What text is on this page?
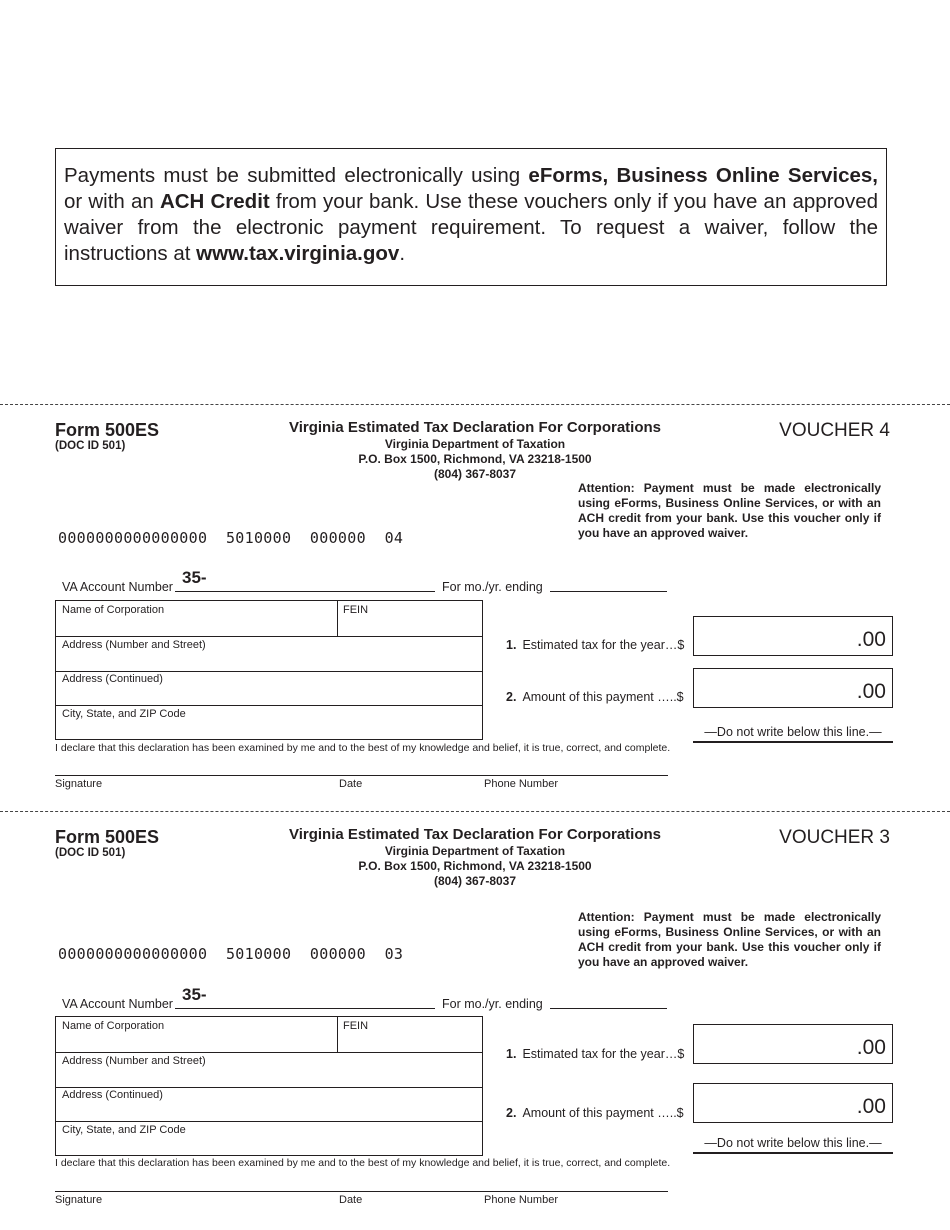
Payments must be submitted electronically using eForms, Business Online Services, or with an ACH Credit from your bank. Use these vouchers only if you have an approved waiver from the electronic payment requirement. To request a waiver, follow the instructions at www.tax.virginia.gov.
Form 500ES
(DOC ID 501)
Virginia Estimated Tax Declaration For Corporations
Virginia Department of Taxation
P.O. Box 1500, Richmond, VA 23218-1500
(804) 367-8037
VOUCHER 4
Attention: Payment must be made electronically using eForms, Business Online Services, or with an ACH credit from your bank. Use this voucher only if you have an approved waiver.
0000000000000000  5010000  000000  04
VA Account Number 35-	For mo./yr. ending
Name of Corporation	FEIN
Address (Number and Street)
Address (Continued)
City, State, and ZIP Code
1. Estimated tax for the year…$	.00
2. Amount of this payment …..$	.00
—Do not write below this line.—
I declare that this declaration has been examined by me and to the best of my knowledge and belief, it is true, correct, and complete.
Signature	Date	Phone Number
Form 500ES
(DOC ID 501)
Virginia Estimated Tax Declaration For Corporations
Virginia Department of Taxation
P.O. Box 1500, Richmond, VA 23218-1500
(804) 367-8037
VOUCHER 3
Attention: Payment must be made electronically using eForms, Business Online Services, or with an ACH credit from your bank. Use this voucher only if you have an approved waiver.
0000000000000000  5010000  000000  03
VA Account Number 35-	For mo./yr. ending
Name of Corporation	FEIN
Address (Number and Street)
Address (Continued)
City, State, and ZIP Code
1. Estimated tax for the year…$	.00
2. Amount of this payment …..$	.00
—Do not write below this line.—
I declare that this declaration has been examined by me and to the best of my knowledge and belief, it is true, correct, and complete.
Signature	Date	Phone Number
